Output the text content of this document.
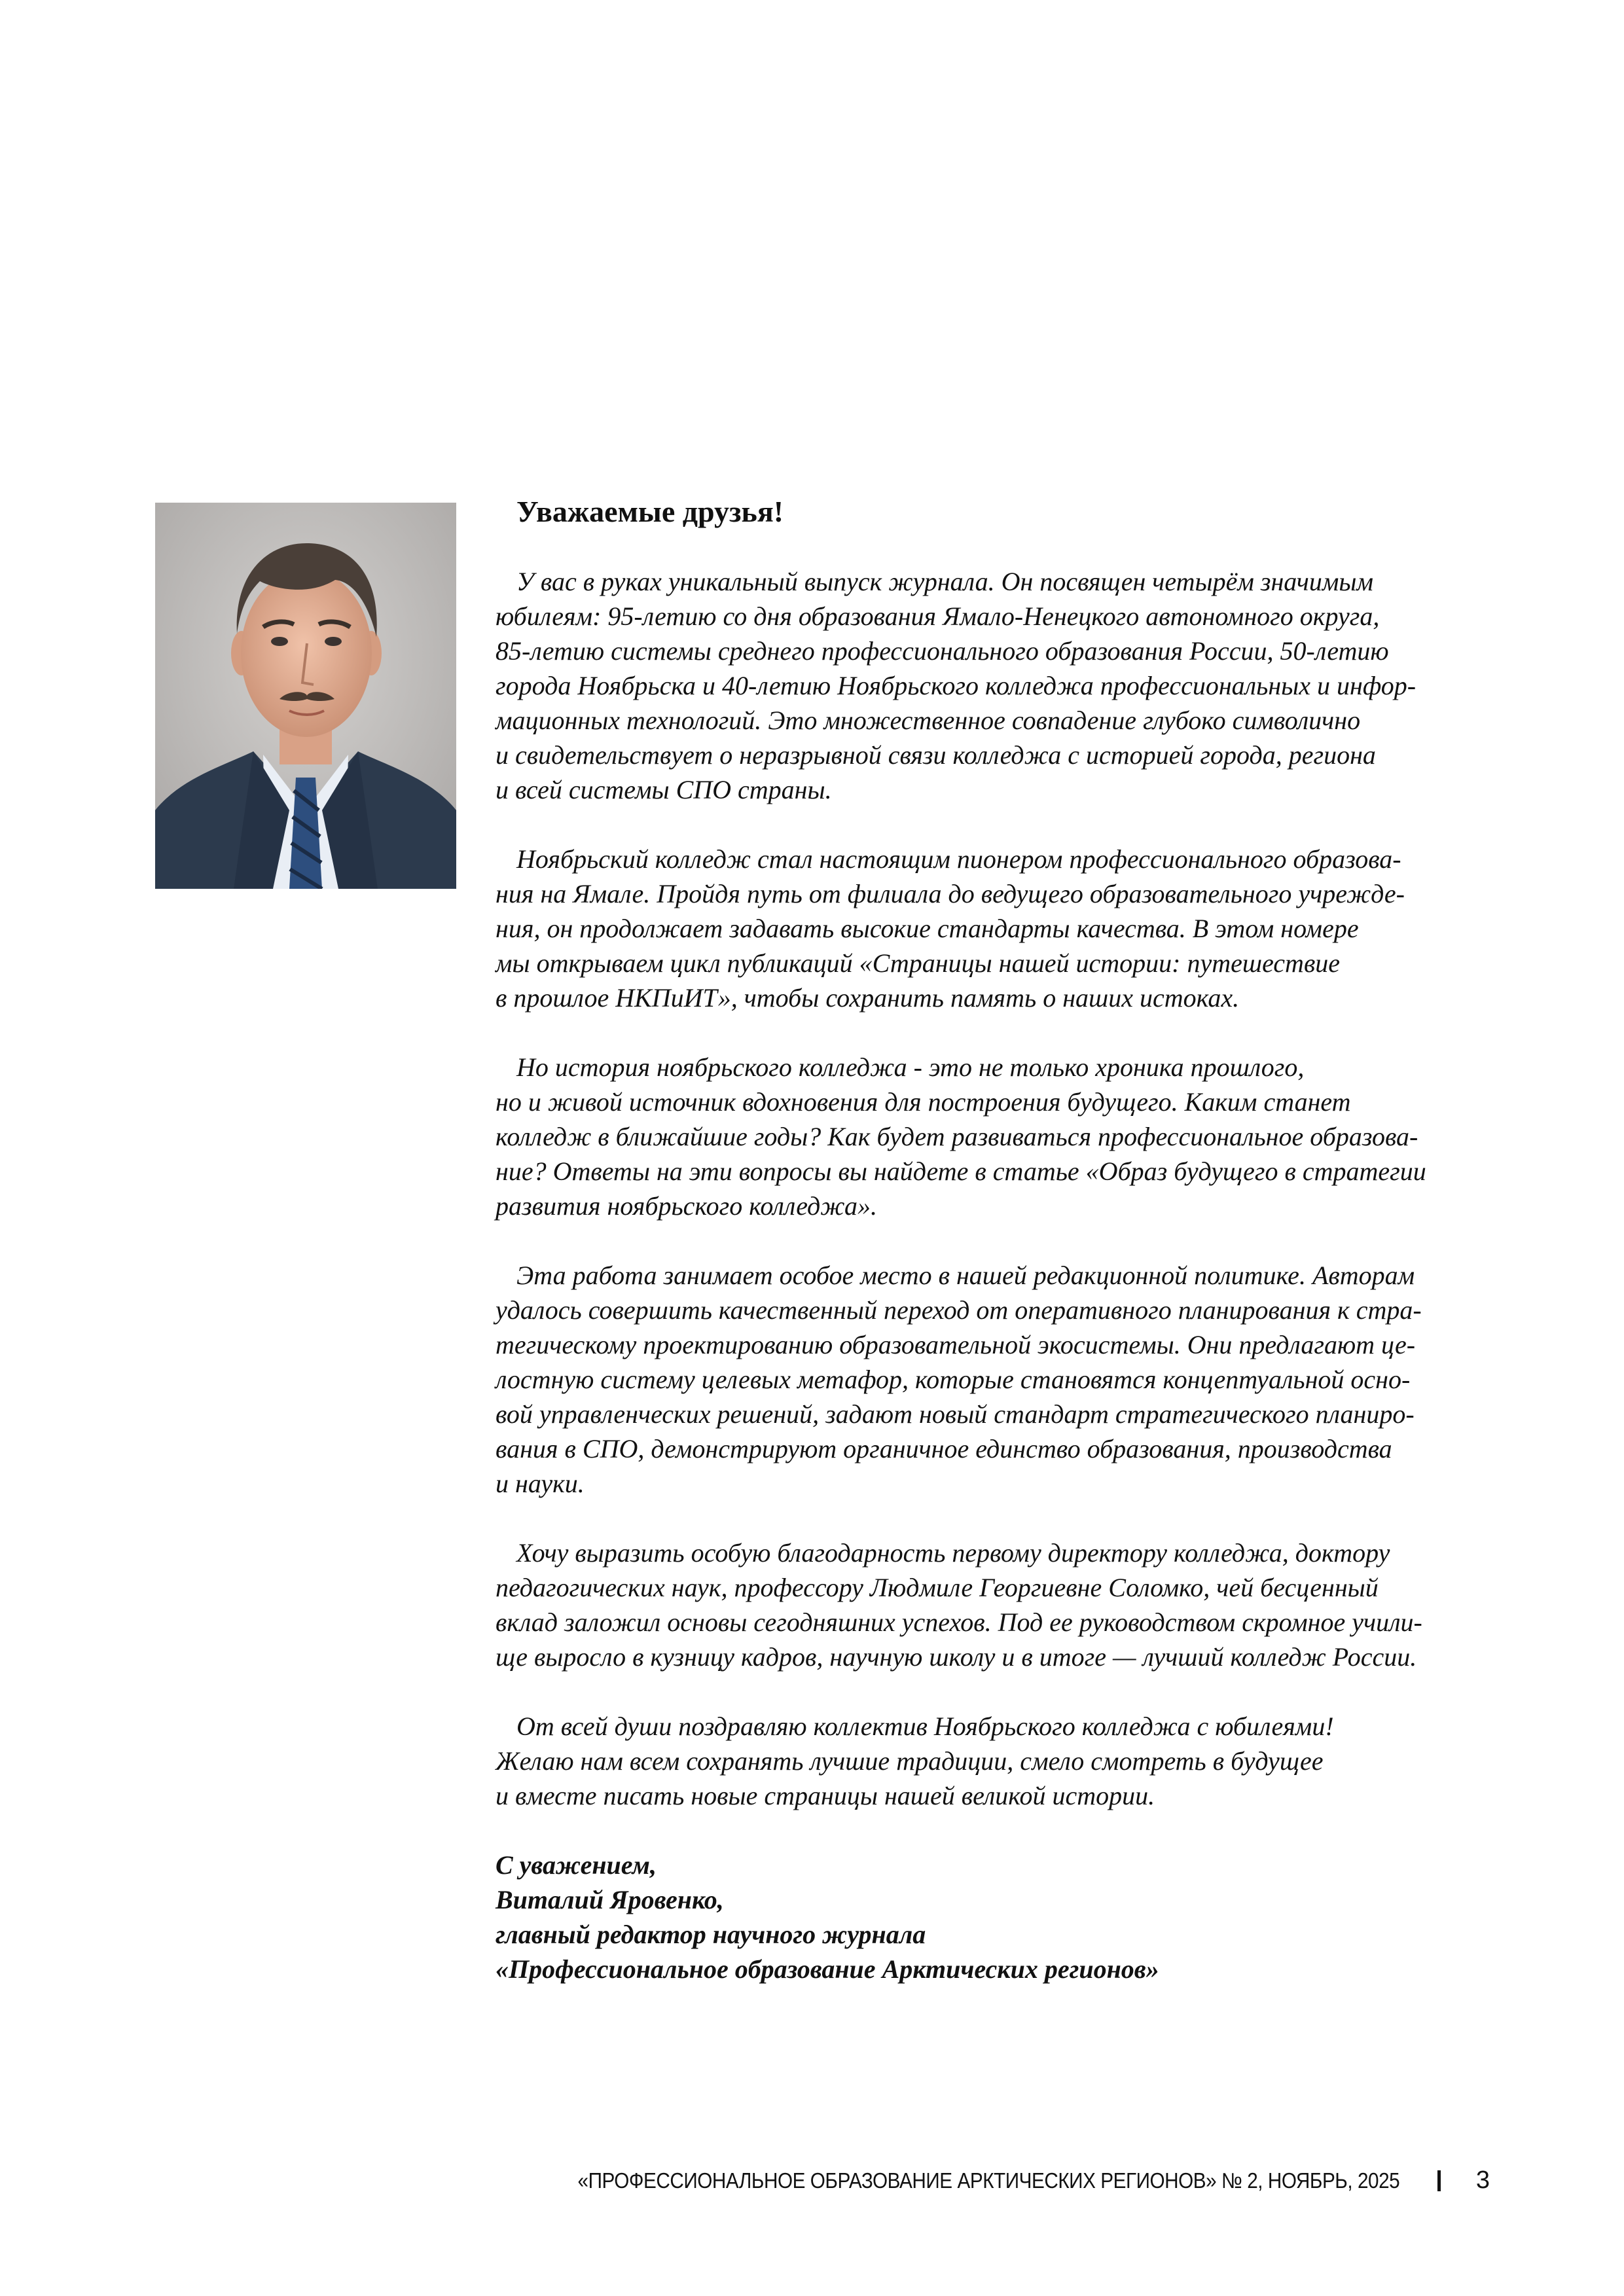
Уважаемые друзья!

У вас в руках уникальный выпуск журнала. Он посвящен четырём значимым
юбилеям: 95-летию со дня образования Ямало-Ненецкого автономного округа,
85-летию системы среднего профессионального образования России, 50-летию
города Ноябрьска и 40-летию Ноябрьского колледжа профессиональных и инфор-
мационных технологий. Это множественное совпадение глубоко символично
и свидетельствует о неразрывной связи колледжа с историей города, региона
и всей системы СПО страны.

Ноябрьский колледж стал настоящим пионером профессионального образова-
ния на Ямале. Пройдя путь от филиала до ведущего образовательного учрежде-
ния, он продолжает задавать высокие стандарты качества. В этом номере
мы открываем цикл публикаций «Страницы нашей истории: путешествие
в прошлое НКПиИТ», чтобы сохранить память о наших истоках.

Но история ноябрьского колледжа - это не только хроника прошлого,
но и живой источник вдохновения для построения будущего. Каким станет
колледж в ближайшие годы? Как будет развиваться профессиональное образова-
ние? Ответы на эти вопросы вы найдете в статье «Образ будущего в стратегии
развития ноябрьского колледжа».

Эта работа занимает особое место в нашей редакционной политике. Авторам
удалось совершить качественный переход от оперативного планирования к стра-
тегическому проектированию образовательной экосистемы. Они предлагают це-
лостную систему целевых метафор, которые становятся концептуальной осно-
вой управленческих решений, задают новый стандарт стратегического планиро-
вания в СПО, демонстрируют органичное единство образования, производства
и науки.

Хочу выразить особую благодарность первому директору колледжа, доктору
педагогических наук, профессору Людмиле Георгиевне Соломко, чей бесценный
вклад заложил основы сегодняшних успехов. Под ее руководством скромное учили-
ще выросло в кузницу кадров, научную школу и в итоге — лучший колледж России.

От всей души поздравляю коллектив Ноябрьского колледжа с юбилеями!
Желаю нам всем сохранять лучшие традиции, смело смотреть в будущее
и вместе писать новые страницы нашей великой истории.

С уважением,
Виталий Яровенко,
главный редактор научного журнала
«Профессиональное образование Арктических регионов»
«ПРОФЕССИОНАЛЬНОЕ ОБРАЗОВАНИЕ АРКТИЧЕСКИХ РЕГИОНОВ» № 2, НОЯБРЬ, 2025	3
